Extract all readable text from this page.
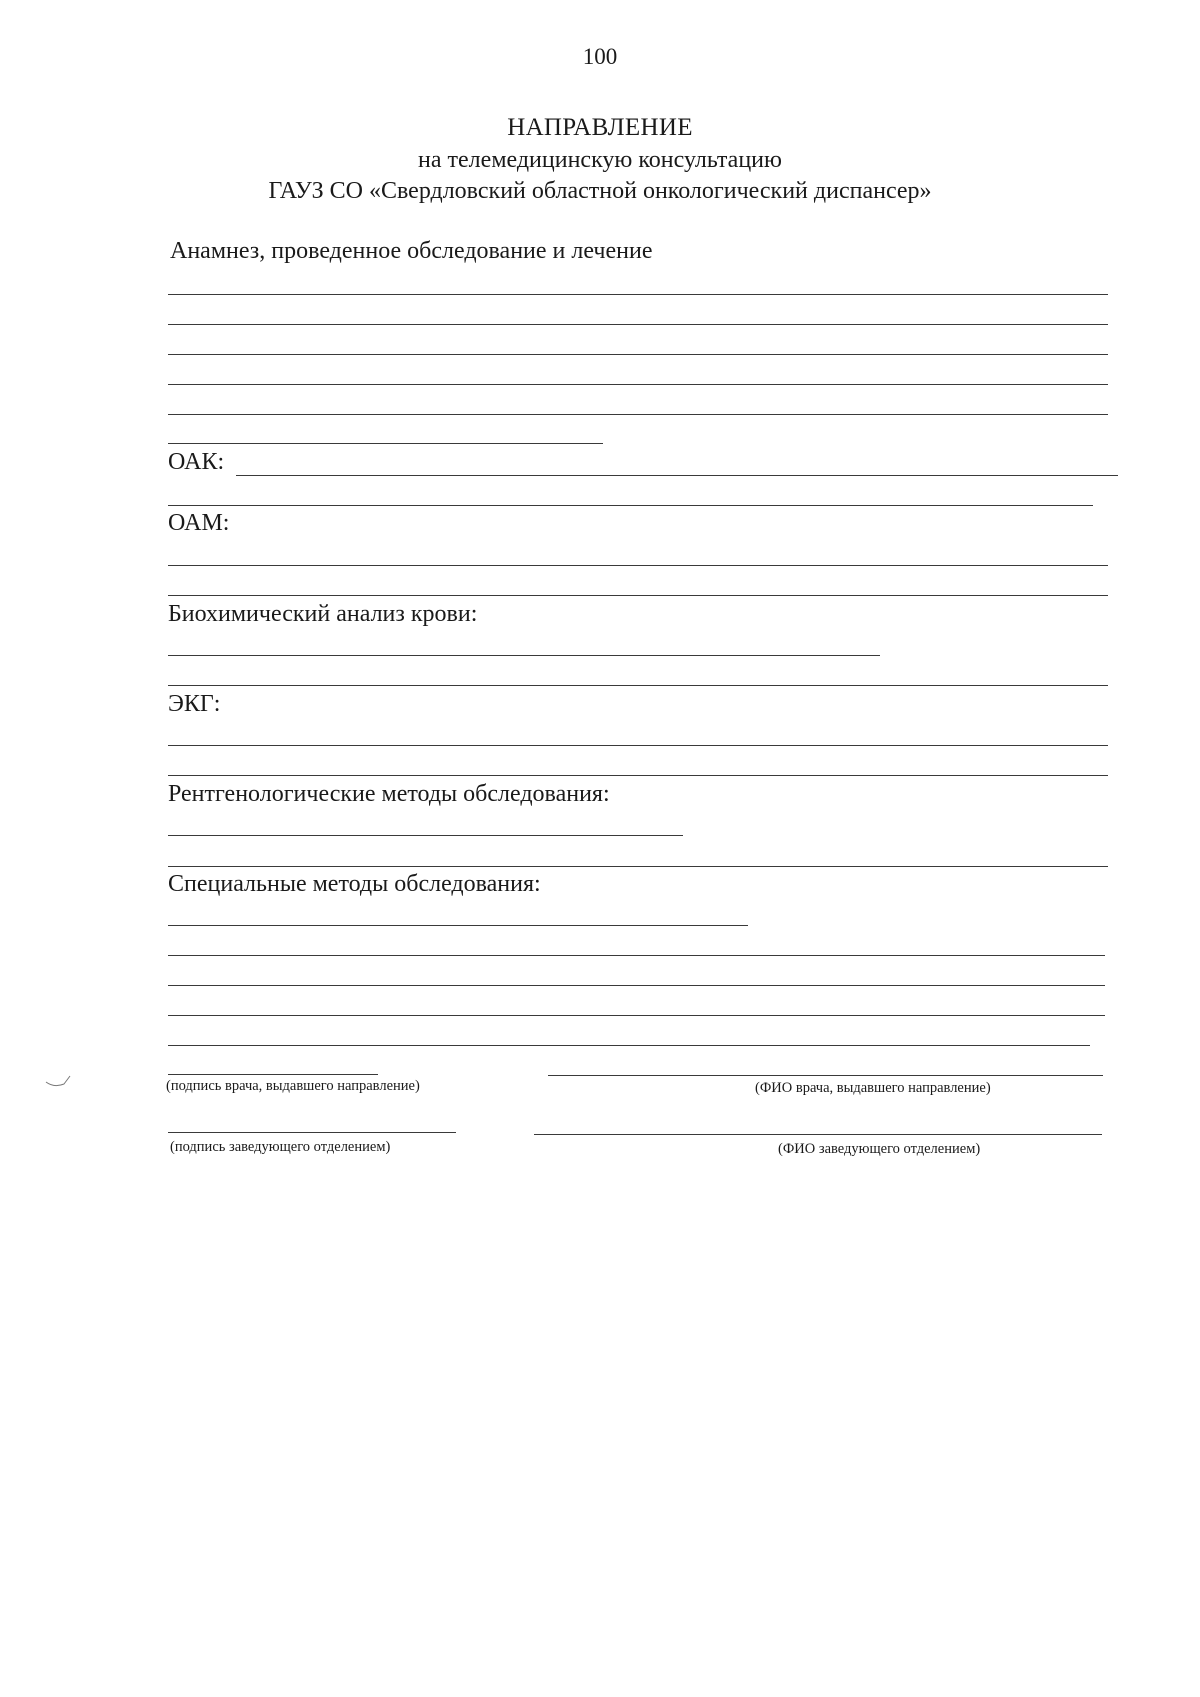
100
НАПРАВЛЕНИЕ
на телемедицинскую консультацию
ГАУЗ СО «Свердловский областной онкологический диспансер»
Анамнез, проведенное обследование и лечение
ОАК:
ОАМ:
Биохимический анализ крови:
ЭКГ:
Рентгенологические методы обследования:
Специальные методы обследования:
(подпись врача, выдавшего направление)	(ФИО врача, выдавшего направление)
(подпись заведующего отделением)	(ФИО заведующего отделением)
